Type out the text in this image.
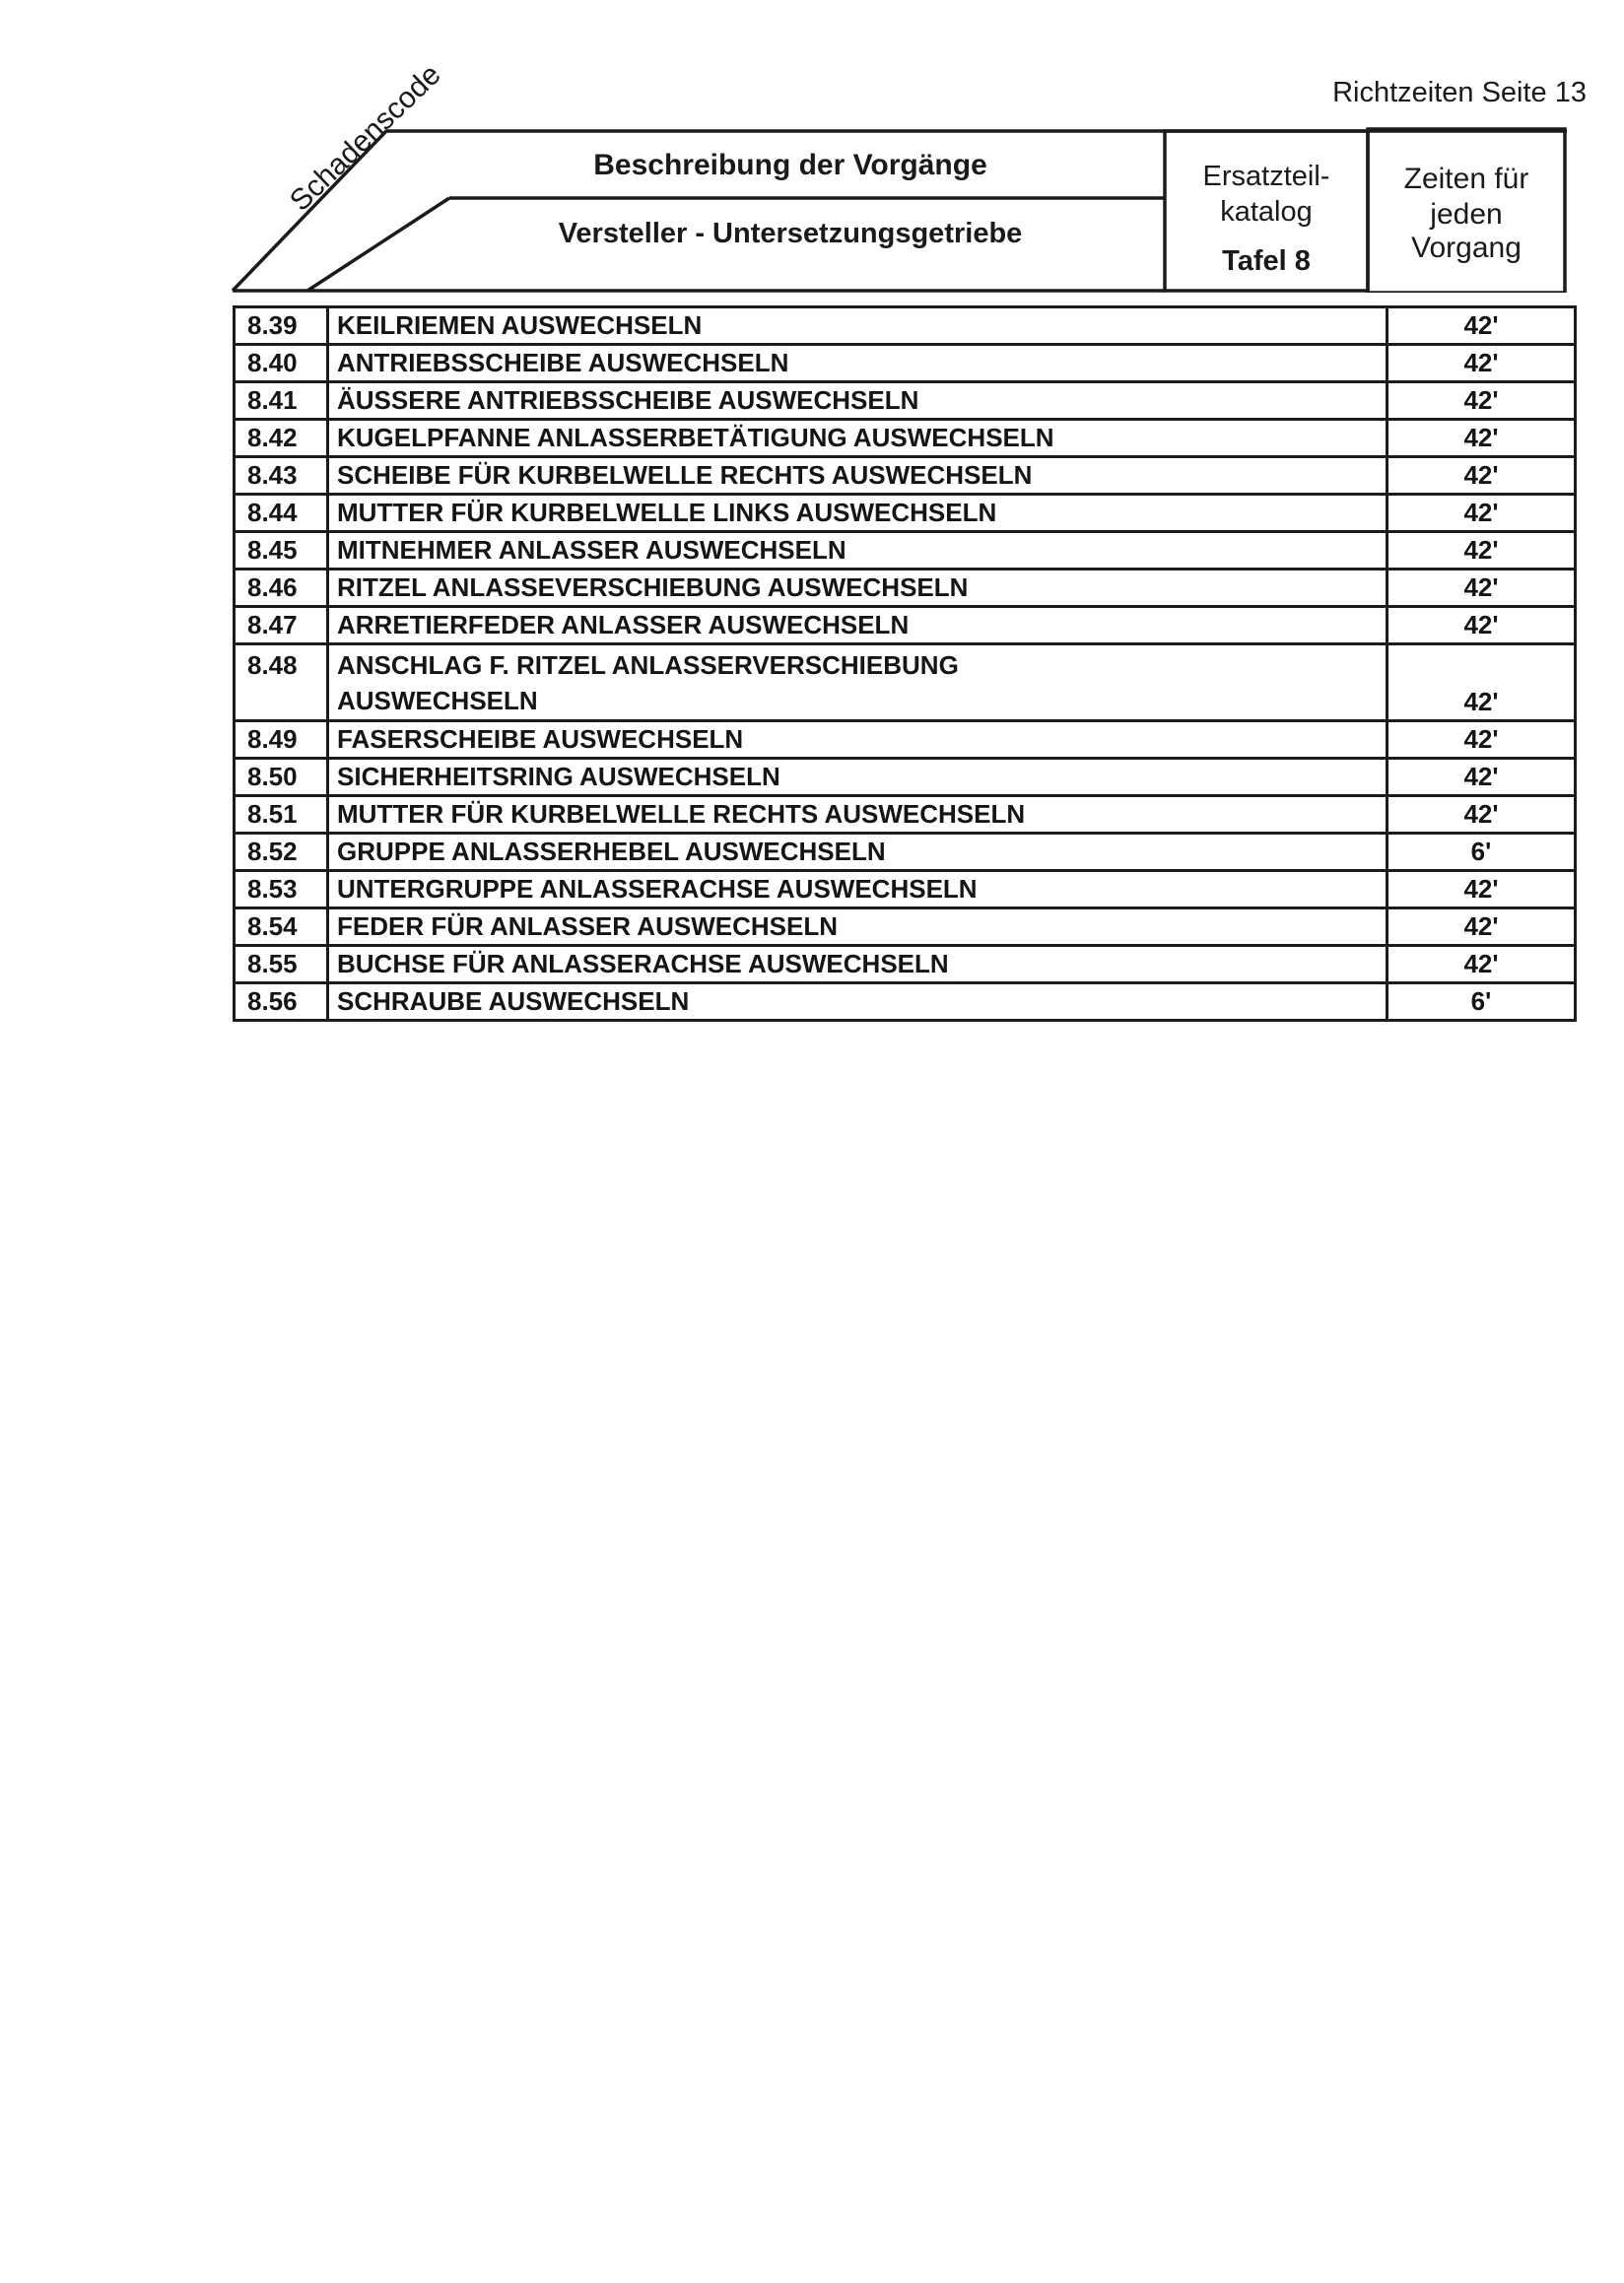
Richtzeiten Seite 13
Schadenscode	Beschreibung der Vorgänge
Versteller - Untersetzungsgetriebe
Ersatzteil-
katalog
Tafel 8
Zeiten für
jeden
Vorgang
8.39	KEILRIEMEN AUSWECHSELN	42'
8.40	ANTRIEBSSCHEIBE AUSWECHSELN	42'
8.41	ÄUSSERE ANTRIEBSSCHEIBE AUSWECHSELN	42'
8.42	KUGELPFANNE ANLASSERBETÄTIGUNG AUSWECHSELN	42'
8.43	SCHEIBE FÜR KURBELWELLE RECHTS AUSWECHSELN	42'
8.44	MUTTER FÜR KURBELWELLE LINKS AUSWECHSELN	42'
8.45	MITNEHMER ANLASSER AUSWECHSELN	42'
8.46	RITZEL ANLASSEVERSCHIEBUNG AUSWECHSELN	42'
8.47	ARRETIERFEDER ANLASSER AUSWECHSELN	42'
8.48	ANSCHLAG F. RITZEL ANLASSERVERSCHIEBUNG
AUSWECHSELN	42'
8.49	FASERSCHEIBE AUSWECHSELN	42'
8.50	SICHERHEITSRING AUSWECHSELN	42'
8.51	MUTTER FÜR KURBELWELLE RECHTS AUSWECHSELN	42'
8.52	GRUPPE ANLASSERHEBEL AUSWECHSELN	6'
8.53	UNTERGRUPPE ANLASSERACHSE AUSWECHSELN	42'
8.54	FEDER FÜR ANLASSER AUSWECHSELN	42'
8.55	BUCHSE FÜR ANLASSERACHSE AUSWECHSELN	42'
8.56	SCHRAUBE AUSWECHSELN	6'
